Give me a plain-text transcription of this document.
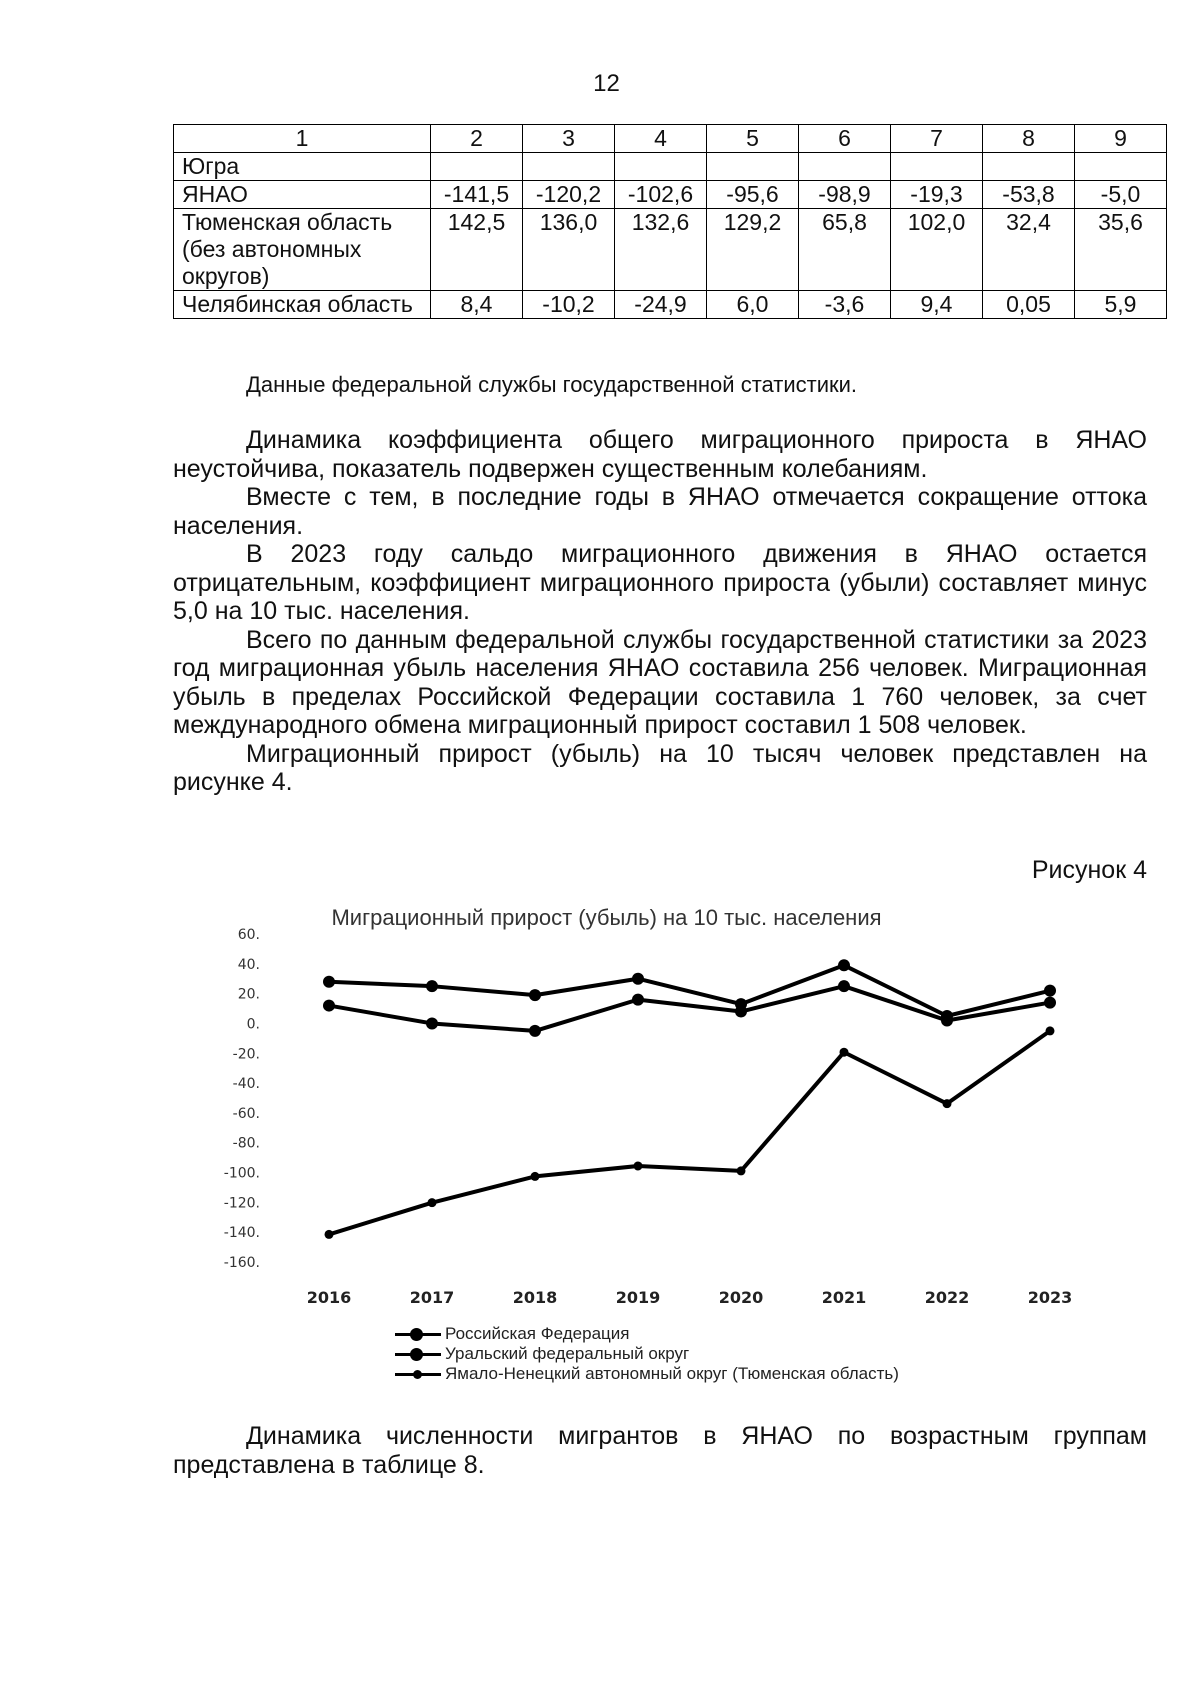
12
1	2	3	4	5	6	7	8	9
Югра								
ЯНАО	-141,5	-120,2	-102,6	-95,6	-98,9	-19,3	-53,8	-5,0
Тюменская область (без автономных округов)	142,5	136,0	132,6	129,2	65,8	102,0	32,4	35,6
Челябинская область	8,4	-10,2	-24,9	6,0	-3,6	9,4	0,05	5,9
Данные федеральной службы государственной статистики.

Динамика коэффициента общего миграционного прироста в ЯНАО неустойчива, показатель подвержен существенным колебаниям.

Вместе с тем, в последние годы в ЯНАО отмечается сокращение оттока населения.

В 2023 году сальдо миграционного движения в ЯНАО остается отрицательным, коэффициент миграционного прироста (убыли) составляет минус 5,0 на 10 тыс. населения.

Всего по данным федеральной службы государственной статистики за 2023 год миграционная убыль населения ЯНАО составила 256 человек. Миграционная убыль в пределах Российской Федерации составила 1 760 человек, за счет международного обмена миграционный прирост составил 1 508 человек.

Миграционный прирост (убыль) на 10 тысяч человек представлен на рисунке 4.

Рисунок 4
Миграционный прирост (убыль) на 10 тыс. населения
60.
40.
20.
0.
-20.
-40.
-60.
-80.
-100.
-120.
-140.
-160.
2016	2017	2018	2019	2020	2021	2022	2023
Российская Федерация
Уральский федеральный округ
Ямало-Ненецкий автономный округ (Тюменская область)

Динамика численности мигрантов в ЯНАО по возрастным группам представлена в таблице 8.
